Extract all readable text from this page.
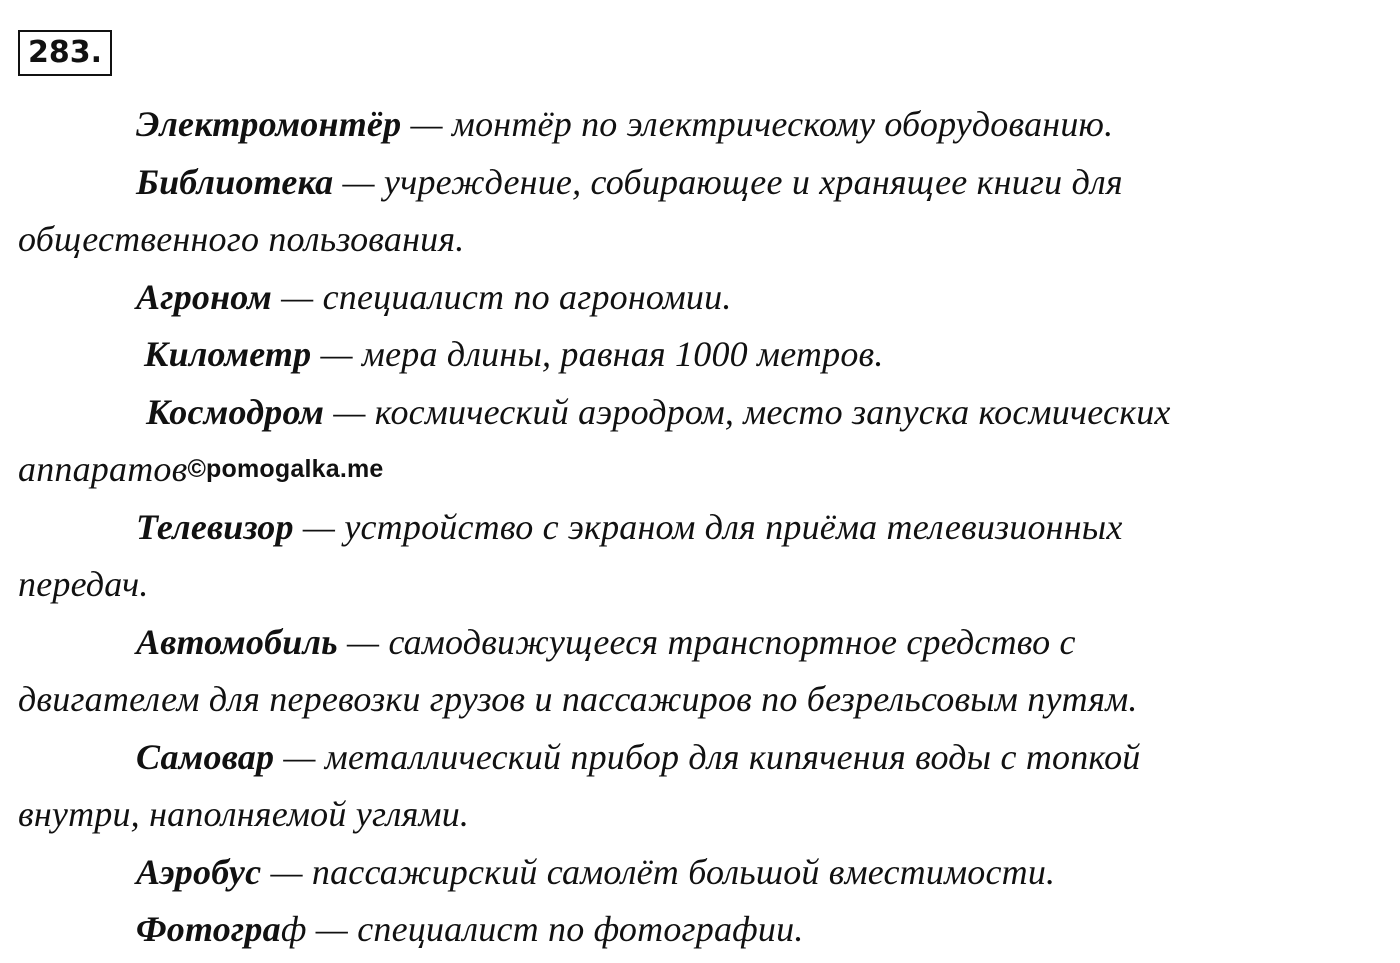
283.
Электромонтёр — монтёр по электрическому оборудованию.
Библиотека — учреждение, собирающее и хранящее книги для
общественного пользования.
Агроном — специалист по агрономии.
Километр — мера длины, равная 1000 метров.
Космодром — космический аэродром, место запуска космических
аппаратов©pomogalka.me
Телевизор — устройство с экраном для приёма телевизионных
передач.
Автомобиль — самодвижущееся транспортное средство с
двигателем для перевозки грузов и пассажиров по безрельсовым путям.
Самовар — металлический прибор для кипячения воды с топкой
внутри, наполняемой углями.
Аэробус — пассажирский самолёт большой вместимости.
Фотограф — специалист по фотографии.
